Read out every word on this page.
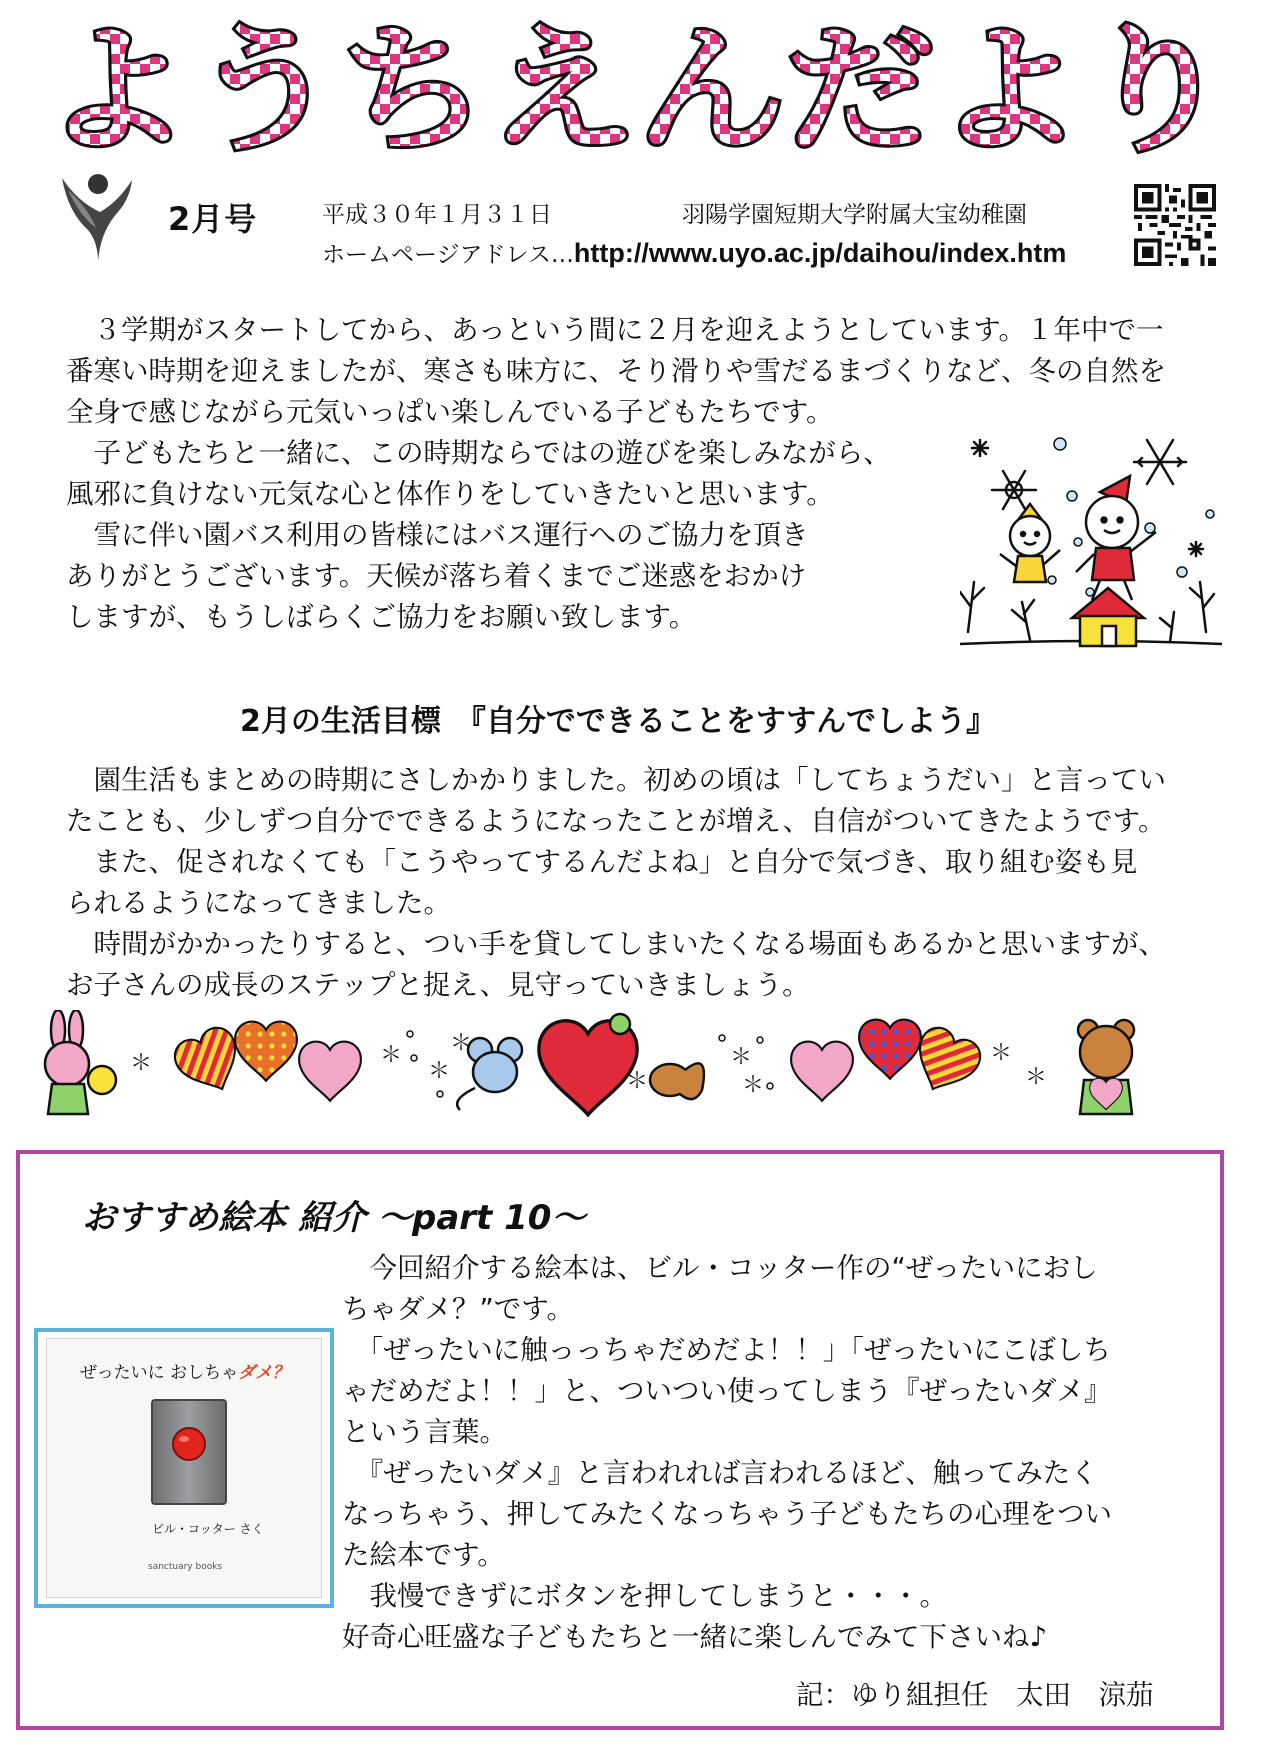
ようちえんだより
2月号	平成３０年１月３１日	羽陽学園短期大学附属大宝幼稚園
ホームページアドレス…http://www.uyo.ac.jp/daihou/index.htm
　３学期がスタートしてから、あっという間に２月を迎えようとしています。１年中で一
番寒い時期を迎えましたが、寒さも味方に、そり滑りや雪だるまづくりなど、冬の自然を
全身で感じながら元気いっぱい楽しんでいる子どもたちです。
　子どもたちと一緒に、この時期ならではの遊びを楽しみながら、
風邪に負けない元気な心と体作りをしていきたいと思います。
　雪に伴い園バス利用の皆様にはバス運行へのご協力を頂き
ありがとうございます。天候が落ち着くまでご迷惑をおかけ
しますが、もうしばらくご協力をお願い致します。
2月の生活目標　『自分でできることをすすんでしよう』
　園生活もまとめの時期にさしかかりました。初めの頃は「してちょうだい」と言ってい
たことも、少しずつ自分でできるようになったことが増え、自信がついてきたようです。
　また、促されなくても「こうやってするんだよね」と自分で気づき、取り組む姿も見
られるようになってきました。
　時間がかかったりすると、つい手を貸してしまいたくなる場面もあるかと思いますが、
お子さんの成長のステップと捉え、見守っていきましょう。
＊	＊
＊
＊
＊
＊
＊
＊
＊
おすすめ絵本 紹介 ～part 10～
ぜったいに おしちゃダメ？
ビル・コッター さく
sanctuary books
　今回紹介する絵本は、ビル・コッター作の“ぜったいにおし
ちゃダメ？”です。
　「ぜったいに触っっちゃだめだよ！！」「ぜったいにこぼしち
ゃだめだよ！！」と、ついつい使ってしまう『ぜったいダメ』
という言葉。
　『ぜったいダメ』と言われれば言われるほど、触ってみたく
なっちゃう、押してみたくなっちゃう子どもたちの心理をつい
た絵本です。
　我慢できずにボタンを押してしまうと・・・。
好奇心旺盛な子どもたちと一緒に楽しんでみて下さいね♪
記：ゆり組担任　太田　涼茄
